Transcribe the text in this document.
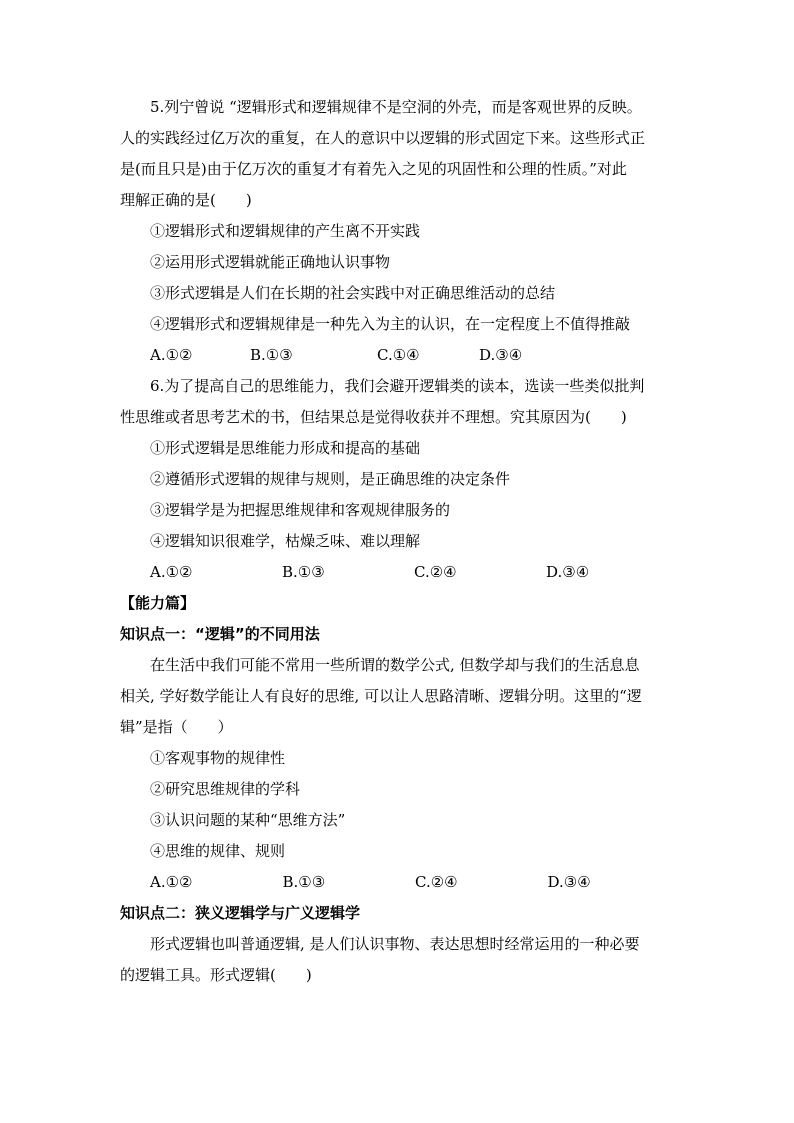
5.列宁曾说 “逻辑形式和逻辑规律不是空洞的外壳，而是客观世界的反映。

人的实践经过亿万次的重复，在人的意识中以逻辑的形式固定下来。这些形式正

是(而且只是)由于亿万次的重复才有着先入之见的巩固性和公理的性质。”对此

理解正确的是(　　)

①逻辑形式和逻辑规律的产生离不开实践

②运用形式逻辑就能正确地认识事物

③形式逻辑是人们在长期的社会实践中对正确思维活动的总结

④逻辑形式和逻辑规律是一种先入为主的认识，在一定程度上不值得推敲

A.①②	B.①③	C.①④	D.③④

6.为了提高自己的思维能力，我们会避开逻辑类的读本，选读一些类似批判

性思维或者思考艺术的书，但结果总是觉得收获并不理想。究其原因为(　　)

①形式逻辑是思维能力形成和提高的基础

②遵循形式逻辑的规律与规则，是正确思维的决定条件

③逻辑学是为把握思维规律和客观规律服务的

④逻辑知识很难学，枯燥乏味、难以理解

A.①②	B.①③	C.②④	D.③④

【能力篇】

知识点一：“逻辑”的不同用法

在生活中我们可能不常用一些所谓的数学公式, 但数学却与我们的生活息息

相关, 学好数学能让人有良好的思维, 可以让人思路清晰、逻辑分明。这里的“逻

辑”是指（　　）

①客观事物的规律性

②研究思维规律的学科

③认识问题的某种“思维方法”

④思维的规律、规则

A.①②	B.①③	C.②④	D.③④

知识点二：狭义逻辑学与广义逻辑学

形式逻辑也叫普通逻辑, 是人们认识事物、表达思想时经常运用的一种必要

的逻辑工具。形式逻辑(　　)
